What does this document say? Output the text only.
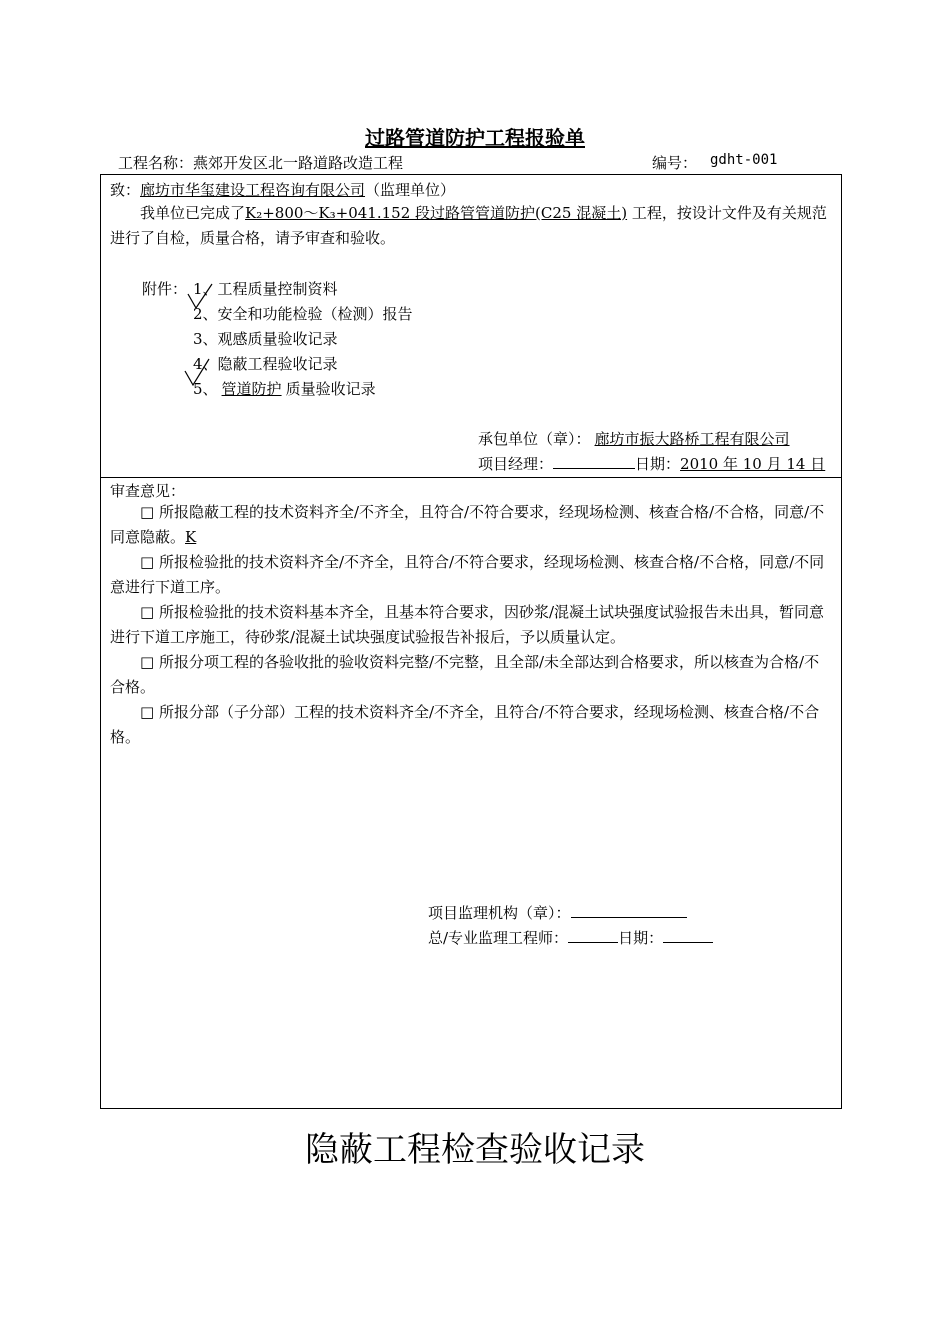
过路管道防护工程报验单
工程名称：燕郊开发区北一路道路改造工程	编号： gdht-001
致：廊坊市华玺建设工程咨询有限公司（监理单位）
我单位已完成了K₂+800～K₃+041.152 段过路管管道防护(C25 混凝土) 工程，按设计文件及有关规范进行了自检，质量合格，请予审查和验收。
附件： 1、工程质量控制资料
2、安全和功能检验（检测）报告
3、观感质量验收记录
4、隐蔽工程验收记录
5、 管道防护 质量验收记录
承包单位（章）： 廊坊市振大路桥工程有限公司
项目经理：	日期：2010 年 10 月 14 日
审查意见：
□ 所报隐蔽工程的技术资料齐全/不齐全，且符合/不符合要求，经现场检测、核查合格/不合格，同意/不同意隐蔽。K
□ 所报检验批的技术资料齐全/不齐全，且符合/不符合要求，经现场检测、核查合格/不合格，同意/不同意进行下道工序。
□ 所报检验批的技术资料基本齐全，且基本符合要求，因砂浆/混凝土试块强度试验报告未出具，暂同意进行下道工序施工，待砂浆/混凝土试块强度试验报告补报后，予以质量认定。
□ 所报分项工程的各验收批的验收资料完整/不完整，且全部/未全部达到合格要求，所以核查为合格/不合格。
□ 所报分部（子分部）工程的技术资料齐全/不齐全，且符合/不符合要求，经现场检测、核查合格/不合格。
项目监理机构（章）：
总/专业监理工程师：	日期：
隐蔽工程检查验收记录
